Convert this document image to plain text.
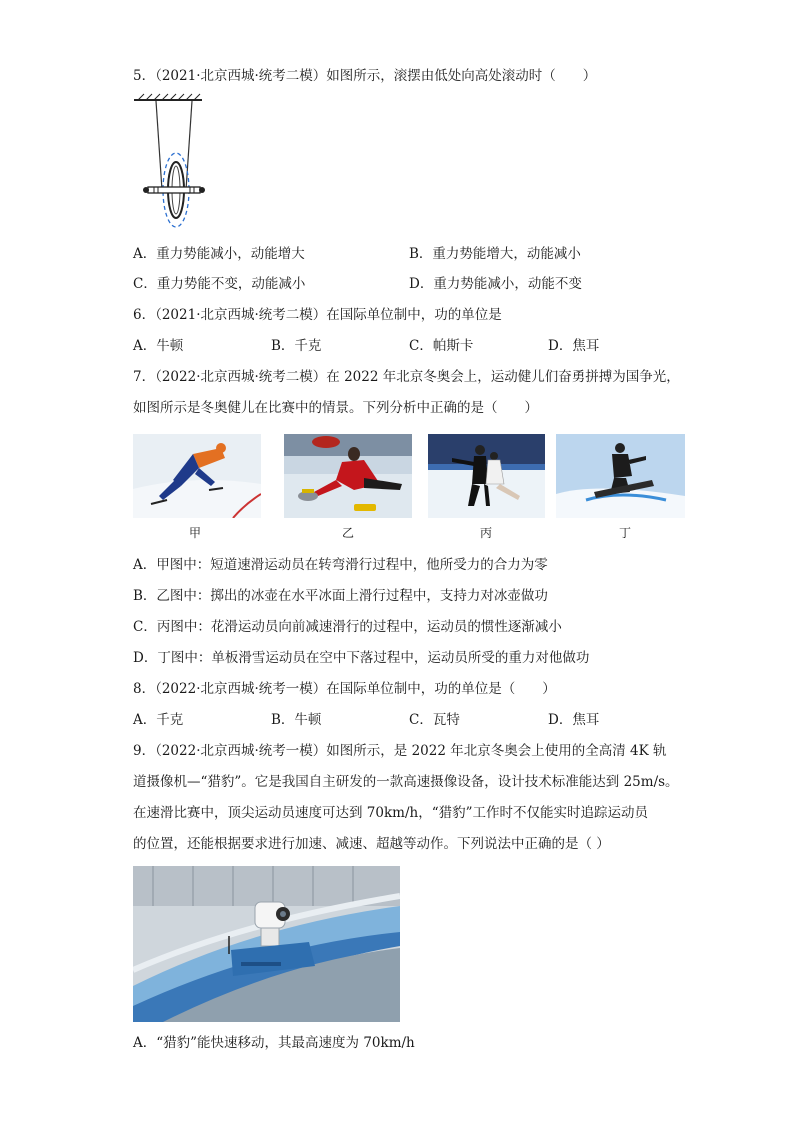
5．（2021·北京西城·统考二模）如图所示，滚摆由低处向高处滚动时（　　）
A．重力势能减小，动能增大	B．重力势能增大，动能减小
C．重力势能不变，动能减小	D．重力势能减小，动能不变
6．（2021·北京西城·统考二模）在国际单位制中，功的单位是
A．牛顿	B．千克	C．帕斯卡	D．焦耳
7．（2022·北京西城·统考二模）在 2022 年北京冬奥会上，运动健儿们奋勇拼搏为国争光，
如图所示是冬奥健儿在比赛中的情景。下列分析中正确的是（　　）
甲	乙	丙	丁
A．甲图中：短道速滑运动员在转弯滑行过程中，他所受力的合力为零
B．乙图中：掷出的冰壶在水平冰面上滑行过程中，支持力对冰壶做功
C．丙图中：花滑运动员向前减速滑行的过程中，运动员的惯性逐渐减小
D．丁图中：单板滑雪运动员在空中下落过程中，运动员所受的重力对他做功
8．（2022·北京西城·统考一模）在国际单位制中，功的单位是（　　）
A．千克	B．牛顿	C．瓦特	D．焦耳
9．（2022·北京西城·统考一模）如图所示，是 2022 年北京冬奥会上使用的全高清 4K 轨
道摄像机—“猎豹”。它是我国自主研发的一款高速摄像设备，设计技术标准能达到 25m/s。
在速滑比赛中，顶尖运动员速度可达到 70km/h，“猎豹”工作时不仅能实时追踪运动员
的位置，还能根据要求进行加速、减速、超越等动作。下列说法中正确的是（ ）
A．“猎豹”能快速移动，其最高速度为 70km/h
